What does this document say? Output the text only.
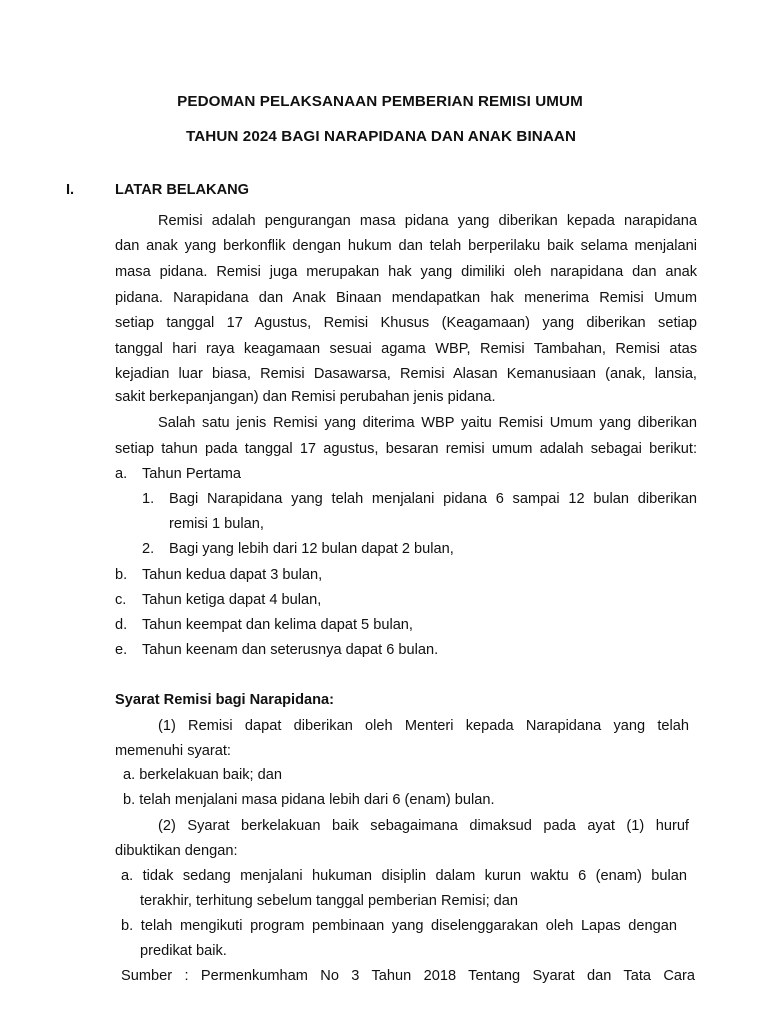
PEDOMAN PELAKSANAAN PEMBERIAN REMISI UMUM
TAHUN 2024 BAGI NARAPIDANA DAN ANAK BINAAN
I.	LATAR BELAKANG
Remisi adalah pengurangan masa pidana yang diberikan kepada narapidana
dan anak yang berkonflik dengan hukum dan telah berperilaku baik selama menjalani
masa pidana. Remisi juga merupakan hak yang dimiliki oleh narapidana dan anak
pidana. Narapidana dan Anak Binaan mendapatkan hak menerima Remisi Umum
setiap tanggal 17 Agustus, Remisi Khusus (Keagamaan) yang diberikan setiap
tanggal hari raya keagamaan sesuai agama WBP, Remisi Tambahan, Remisi atas
kejadian luar biasa, Remisi Dasawarsa, Remisi Alasan Kemanusiaan (anak, lansia,
sakit berkepanjangan) dan Remisi perubahan jenis pidana.
Salah satu jenis Remisi yang diterima WBP yaitu Remisi Umum yang diberikan
setiap tahun pada tanggal 17 agustus, besaran remisi umum adalah sebagai berikut:
a. Tahun Pertama
1. Bagi Narapidana yang telah menjalani pidana 6 sampai 12 bulan diberikan
remisi 1 bulan,
2. Bagi yang lebih dari 12 bulan dapat 2 bulan,
b. Tahun kedua dapat 3 bulan,
c. Tahun ketiga dapat 4 bulan,
d. Tahun keempat dan kelima dapat 5 bulan,
e. Tahun keenam dan seterusnya dapat 6 bulan.
Syarat Remisi bagi Narapidana:
(1) Remisi dapat diberikan oleh Menteri kepada Narapidana yang telah
memenuhi syarat:
a. berkelakuan baik; dan
b. telah menjalani masa pidana lebih dari 6 (enam) bulan.
(2) Syarat berkelakuan baik sebagaimana dimaksud pada ayat (1) huruf
dibuktikan dengan:
a. tidak sedang menjalani hukuman disiplin dalam kurun waktu 6 (enam) bulan
terakhir, terhitung sebelum tanggal pemberian Remisi; dan
b. telah mengikuti program pembinaan yang diselenggarakan oleh Lapas dengan
predikat baik.
Sumber : Permenkumham No 3 Tahun 2018 Tentang Syarat dan Tata Cara
